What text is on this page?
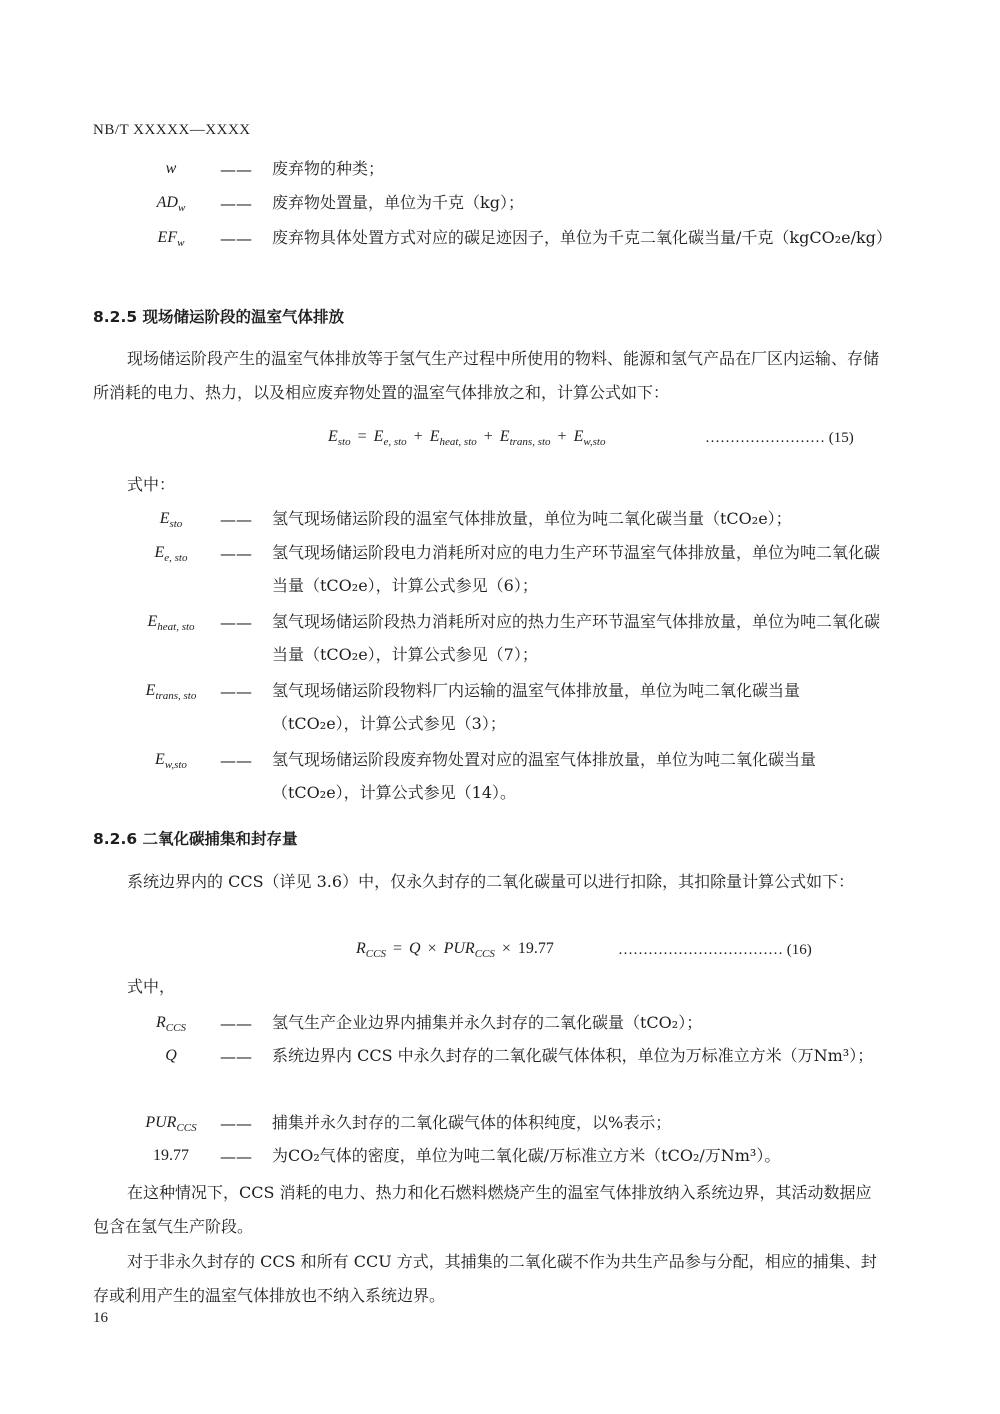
NB/T XXXXX—XXXX
w	—— 废弃物的种类；
$AD_w$	—— 废弃物处置量，单位为千克（kg）；
$EF_w$	—— 废弃物具体处置方式对应的碳足迹因子，单位为千克二氧化碳当量/千克（kgCO₂e/kg）
8.2.5 现场储运阶段的温室气体排放
现场储运阶段产生的温室气体排放等于氢气生产过程中所使用的物料、能源和氢气产品在厂区内运输、存储所消耗的电力、热力，以及相应废弃物处置的温室气体排放之和，计算公式如下：
$E_{sto} = E_{e, sto} + E_{heat, sto} + E_{trans, sto} + E_{w,sto}$	…………………… (15)
式中：
$E_{sto}$	—— 氢气现场储运阶段的温室气体排放量，单位为吨二氧化碳当量（tCO₂e）；
$E_{e, sto}$	—— 氢气现场储运阶段电力消耗所对应的电力生产环节温室气体排放量，单位为吨二氧化碳当量（tCO₂e），计算公式参见（6）；
$E_{heat, sto}$	—— 氢气现场储运阶段热力消耗所对应的热力生产环节温室气体排放量，单位为吨二氧化碳当量（tCO₂e），计算公式参见（7）；
$E_{trans, sto}$	—— 氢气现场储运阶段物料厂内运输的温室气体排放量，单位为吨二氧化碳当量（tCO₂e），计算公式参见（3）；
$E_{w,sto}$	—— 氢气现场储运阶段废弃物处置对应的温室气体排放量，单位为吨二氧化碳当量（tCO₂e），计算公式参见（14）。
8.2.6 二氧化碳捕集和封存量
系统边界内的 CCS（详见 3.6）中，仅永久封存的二氧化碳量可以进行扣除，其扣除量计算公式如下：
$R_{CCS} = Q \times PUR_{CCS} \times 19.77$	…………………………… (16)
式中，
$R_{CCS}$	—— 氢气生产企业边界内捕集并永久封存的二氧化碳量（tCO₂）；
Q	—— 系统边界内 CCS 中永久封存的二氧化碳气体体积，单位为万标准立方米（万Nm³）；
$PUR_{CCS}$	—— 捕集并永久封存的二氧化碳气体的体积纯度，以%表示；
19.77	—— 为CO₂气体的密度，单位为吨二氧化碳/万标准立方米（tCO₂/万Nm³）。
在这种情况下，CCS 消耗的电力、热力和化石燃料燃烧产生的温室气体排放纳入系统边界，其活动数据应包含在氢气生产阶段。
对于非永久封存的 CCS 和所有 CCU 方式，其捕集的二氧化碳不作为共生产品参与分配，相应的捕集、封存或利用产生的温室气体排放也不纳入系统边界。
16
